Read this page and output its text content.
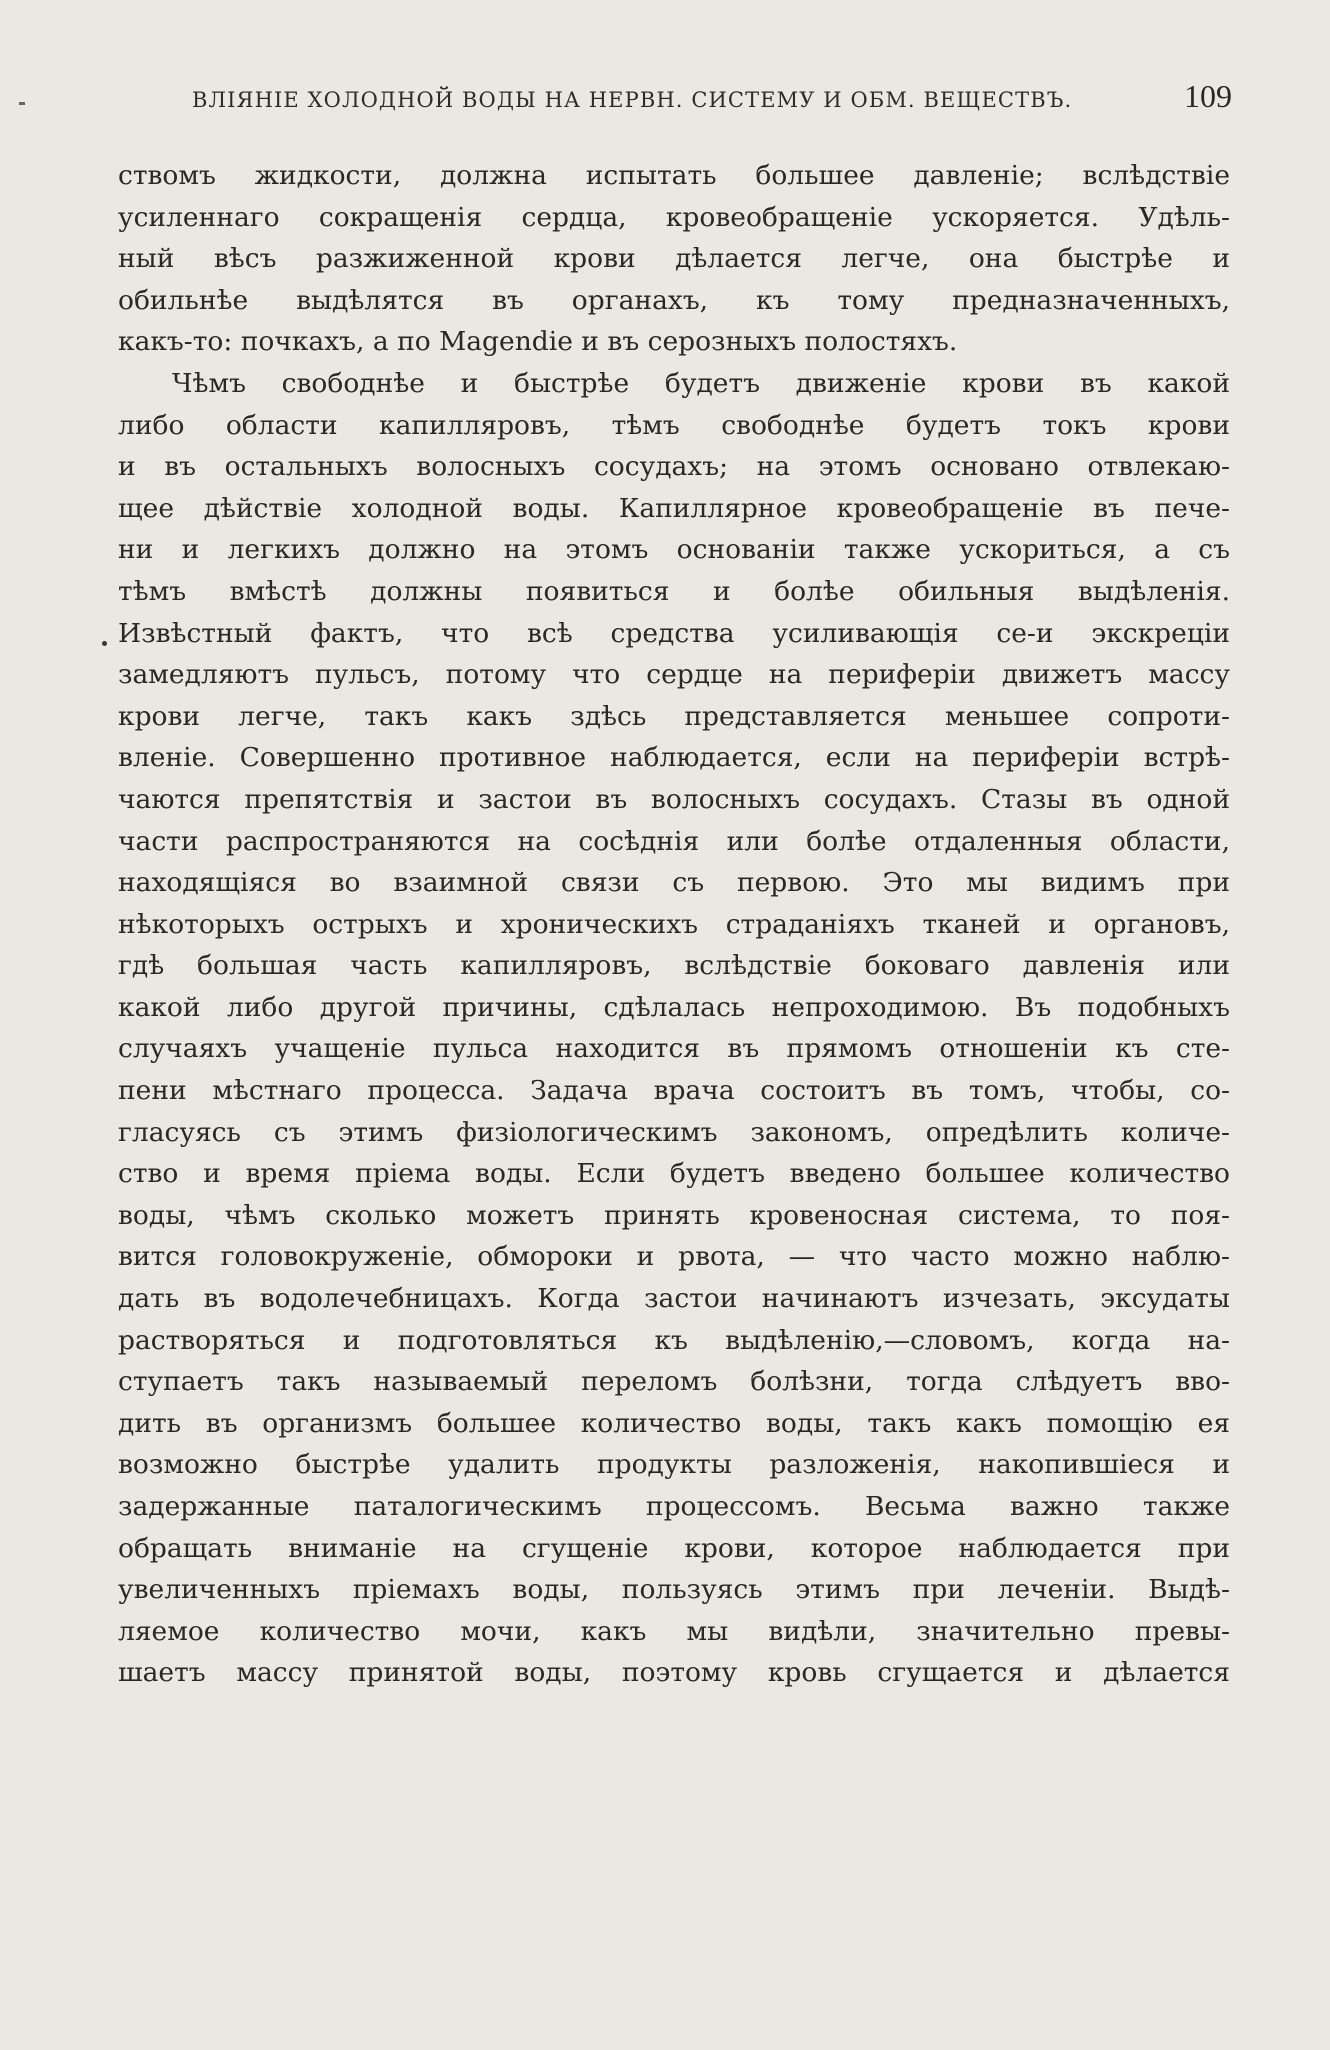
ВЛІЯНІЕ ХОЛОДНОЙ ВОДЫ НА НЕРВН. СИСТЕМУ И ОБМ. ВЕЩЕСТВЪ.	109
ствомъ жидкости, должна испытать большее давленіе; вслѣдствіе
усиленнаго сокращенія сердца, кровеобращеніе ускоряется. Удѣль-
ный вѣсъ разжиженной крови дѣлается легче, она быстрѣе и
обильнѣе выдѣлятся въ органахъ, къ тому предназначенныхъ,
какъ-то: почкахъ, а по Magendie и въ серозныхъ полостяхъ.
Чѣмъ свободнѣе и быстрѣе будетъ движеніе крови въ какой
либо области капилляровъ, тѣмъ свободнѣе будетъ токъ крови
и въ остальныхъ волосныхъ сосудахъ; на этомъ основано отвлекаю-
щее дѣйствіе холодной воды. Капиллярное кровеобращеніе въ пече-
ни и легкихъ должно на этомъ основаніи также ускориться, а съ
тѣмъ вмѣстѣ должны появиться и болѣе обильныя выдѣленія.
Извѣстный фактъ, что всѣ средства усиливающія се-и экскреціи
замедляютъ пульсъ, потому что сердце на периферіи движетъ массу
крови легче, такъ какъ здѣсь представляется меньшее сопроти-
вленіе. Совершенно противное наблюдается, если на периферіи встрѣ-
чаются препятствія и застои въ волосныхъ сосудахъ. Стазы въ одной
части распространяются на сосѣднія или болѣе отдаленныя области,
находящіяся во взаимной связи съ первою. Это мы видимъ при
нѣкоторыхъ острыхъ и хроническихъ страданіяхъ тканей и органовъ,
гдѣ большая часть капилляровъ, вслѣдствіе боковаго давленія или
какой либо другой причины, сдѣлалась непроходимою. Въ подобныхъ
случаяхъ учащеніе пульса находится въ прямомъ отношеніи къ сте-
пени мѣстнаго процесса. Задача врача состоитъ въ томъ, чтобы, со-
гласуясь съ этимъ физіологическимъ закономъ, опредѣлить количе-
ство и время пріема воды. Если будетъ введено большее количество
воды, чѣмъ сколько можетъ принять кровеносная система, то поя-
вится головокруженіе, обмороки и рвота, — что часто можно наблю-
дать въ водолечебницахъ. Когда застои начинаютъ изчезать, эксудаты
растворяться и подготовляться къ выдѣленію,—словомъ, когда на-
ступаетъ такъ называемый переломъ болѣзни, тогда слѣдуетъ вво-
дить въ организмъ большее количество воды, такъ какъ помощію ея
возможно быстрѣе удалить продукты разложенія, накопившіеся и
задержанные паталогическимъ процессомъ. Весьма важно также
обращать вниманіе на сгущеніе крови, которое наблюдается при
увеличенныхъ пріемахъ воды, пользуясь этимъ при леченіи. Выдѣ-
ляемое количество мочи, какъ мы видѣли, значительно превы-
шаетъ массу принятой воды, поэтому кровь сгущается и дѣлается
